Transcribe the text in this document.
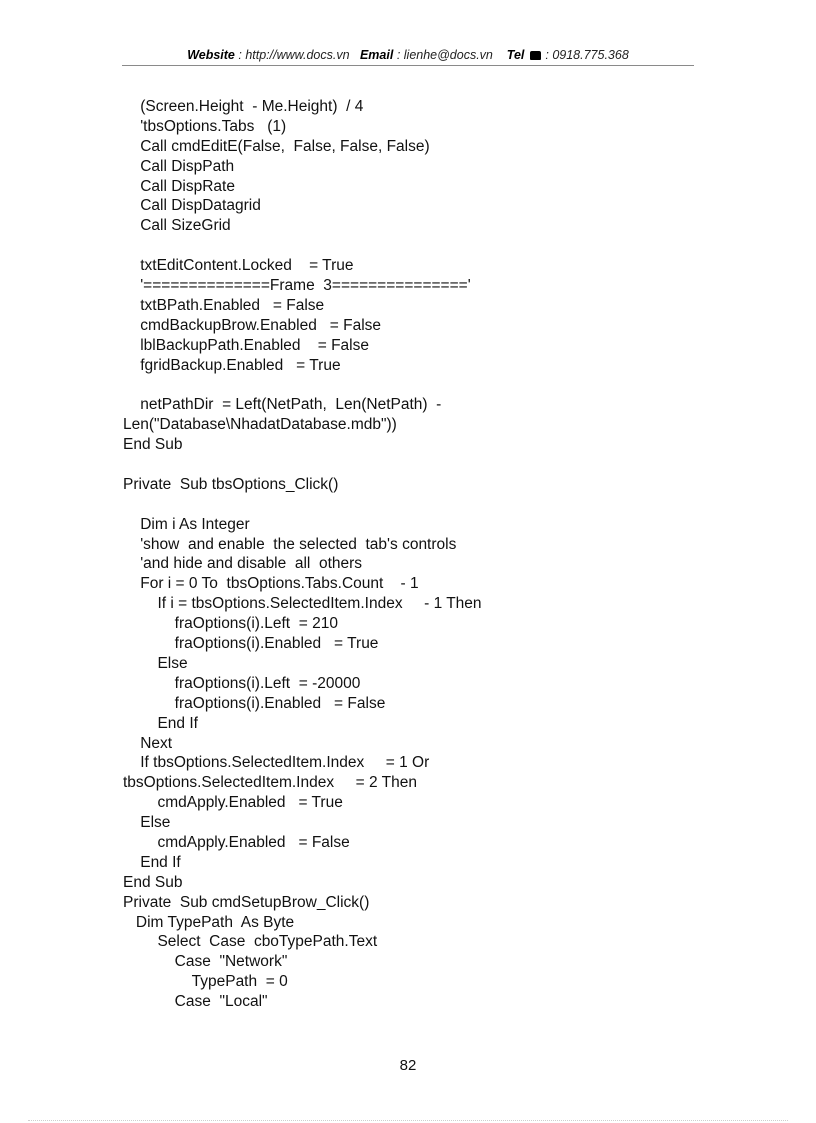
Website : http://www.docs.vn Email : lienhe@docs.vn Tel : 0918.775.368
(Screen.Height  - Me.Height)  / 4
'tbsOptions.Tabs   (1)
Call cmdEditE(False,  False, False, False)
Call DispPath
Call DispRate
Call DispDatagrid
Call SizeGrid
txtEditContent.Locked    = True
'==============Frame  3==============='
txtBPath.Enabled   = False
cmdBackupBrow.Enabled   = False
lblBackupPath.Enabled    = False
fgridBackup.Enabled   = True
netPathDir  = Left(NetPath,  Len(NetPath)  -
Len("Database\NhadatDatabase.mdb"))
End Sub
Private  Sub tbsOptions_Click()
Dim i As Integer
'show  and enable  the selected  tab's controls
'and hide and disable  all  others
For i = 0 To  tbsOptions.Tabs.Count    - 1
If i = tbsOptions.SelectedItem.Index     - 1 Then
fraOptions(i).Left  = 210
fraOptions(i).Enabled   = True
Else
fraOptions(i).Left  = -20000
fraOptions(i).Enabled   = False
End If
Next
If tbsOptions.SelectedItem.Index     = 1 Or
tbsOptions.SelectedItem.Index     = 2 Then
cmdApply.Enabled   = True
Else
cmdApply.Enabled   = False
End If
End Sub
Private  Sub cmdSetupBrow_Click()
Dim TypePath  As Byte
Select  Case  cboTypePath.Text
Case  "Network"
TypePath  = 0
Case  "Local"
82
